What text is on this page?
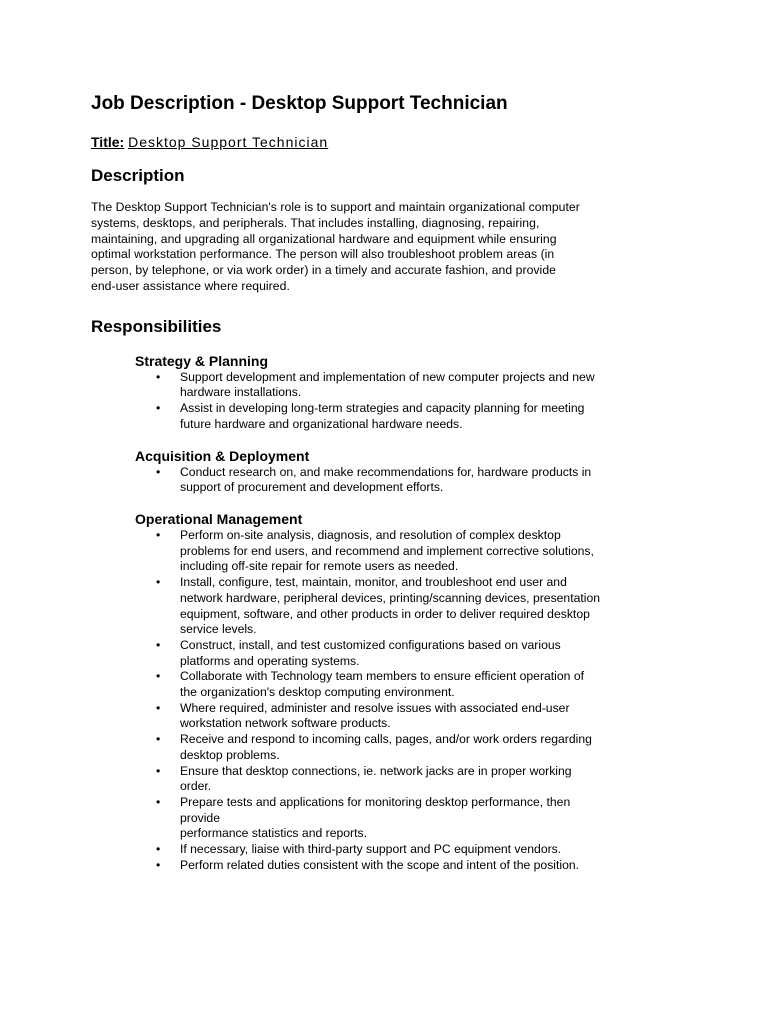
Job Description - Desktop Support Technician
Title: Desktop Support Technician
Description
The Desktop Support Technician's role is to support and maintain organizational computer
systems, desktops, and peripherals. That includes installing, diagnosing, repairing,
maintaining, and upgrading all organizational hardware and equipment while ensuring
optimal workstation performance. The person will also troubleshoot problem areas (in
person, by telephone, or via work order) in a timely and accurate fashion, and provide
end-user assistance where required.
Responsibilities
Strategy & Planning
• Support development and implementation of new computer projects and new
hardware installations.
• Assist in developing long-term strategies and capacity planning for meeting
future hardware and organizational hardware needs.
Acquisition & Deployment
• Conduct research on, and make recommendations for, hardware products in
support of procurement and development efforts.
Operational Management
• Perform on-site analysis, diagnosis, and resolution of complex desktop
problems for end users, and recommend and implement corrective solutions,
including off-site repair for remote users as needed.
• Install, configure, test, maintain, monitor, and troubleshoot end user and
network hardware, peripheral devices, printing/scanning devices, presentation
equipment, software, and other products in order to deliver required desktop
service levels.
• Construct, install, and test customized configurations based on various
platforms and operating systems.
• Collaborate with Technology team members to ensure efficient operation of
the organization's desktop computing environment.
• Where required, administer and resolve issues with associated end-user
workstation network software products.
• Receive and respond to incoming calls, pages, and/or work orders regarding
desktop problems.
• Ensure that desktop connections, ie. network jacks are in proper working
order.
• Prepare tests and applications for monitoring desktop performance, then
provide
performance statistics and reports.
• If necessary, liaise with third-party support and PC equipment vendors.
• Perform related duties consistent with the scope and intent of the position.
